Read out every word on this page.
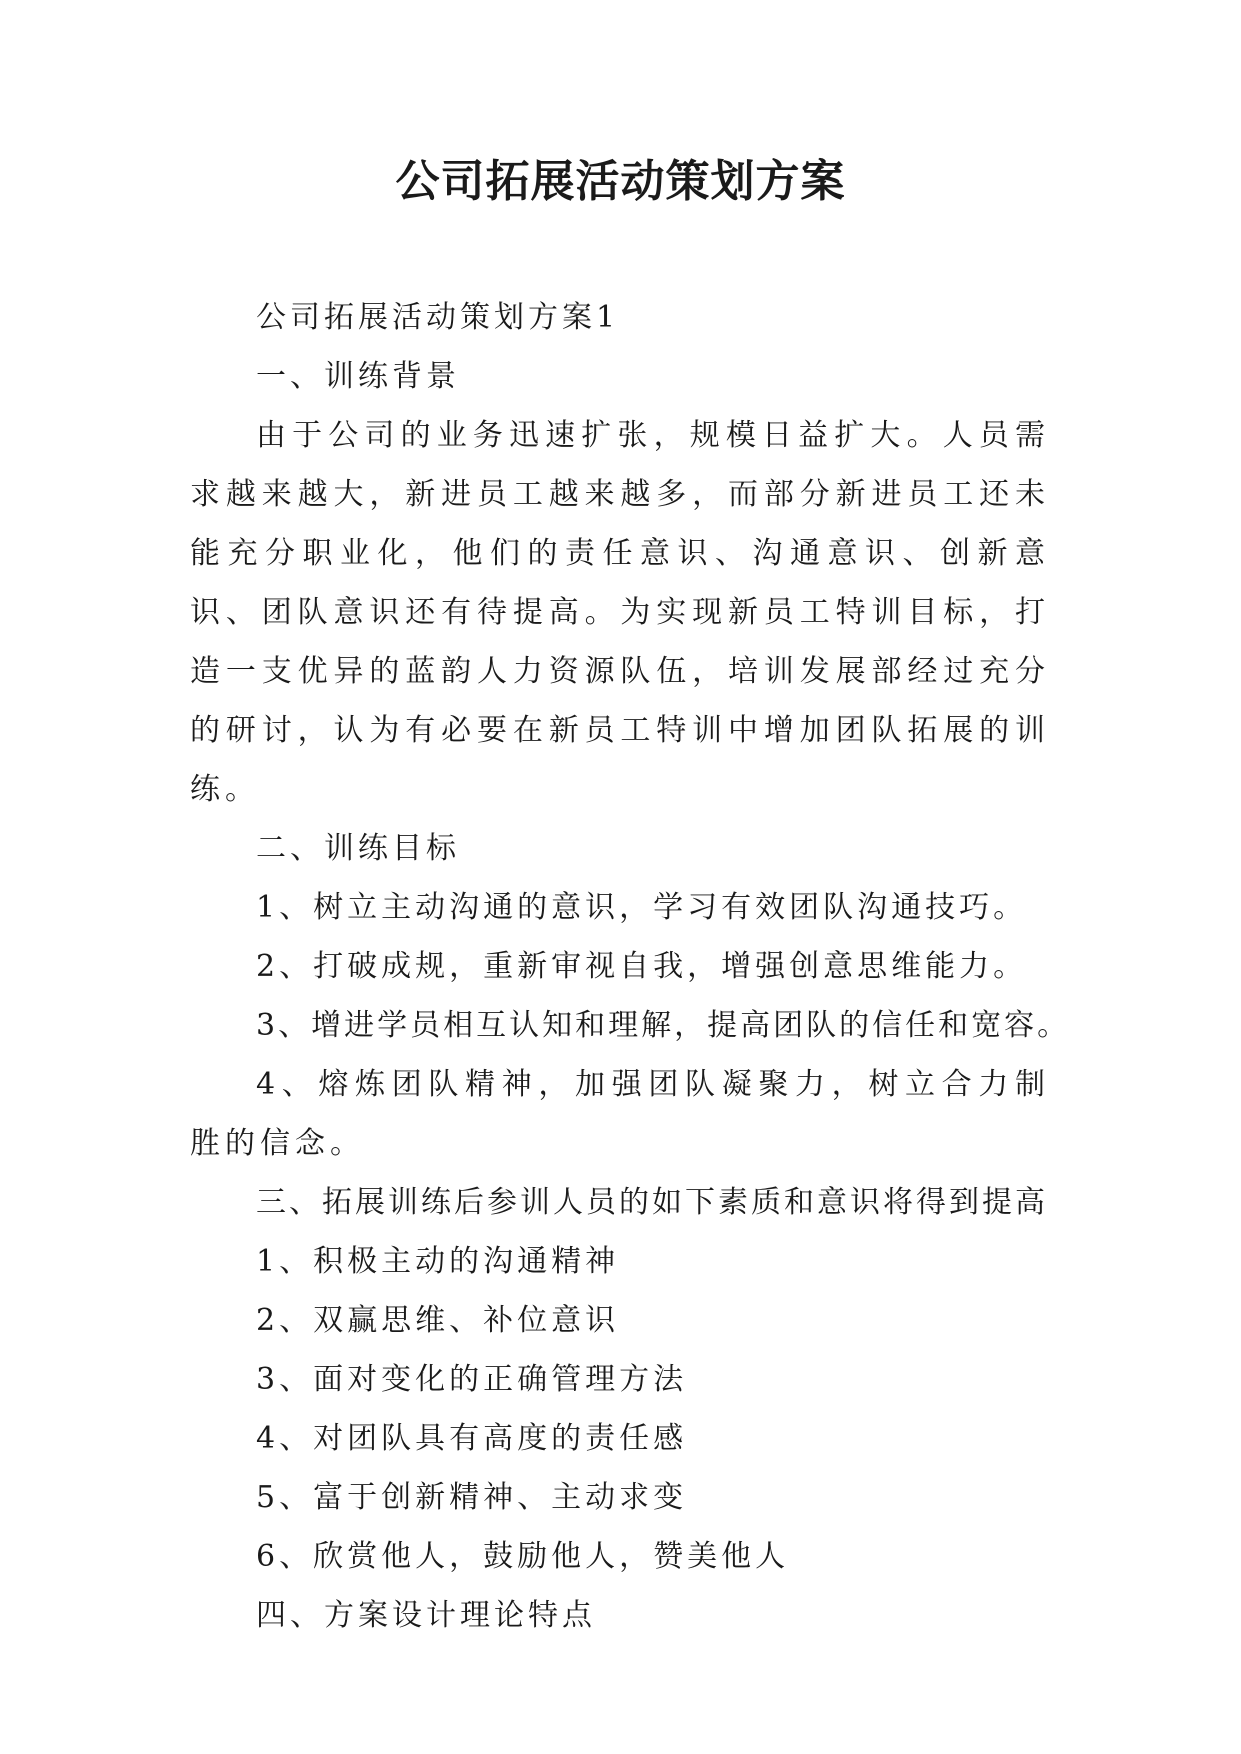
公司拓展活动策划方案

公司拓展活动策划方案1

一、训练背景

由于公司的业务迅速扩张，规模日益扩大。人员需求越来越大，新进员工越来越多，而部分新进员工还未能充分职业化，他们的责任意识、沟通意识、创新意识、团队意识还有待提高。为实现新员工特训目标，打造一支优异的蓝韵人力资源队伍，培训发展部经过充分的研讨，认为有必要在新员工特训中增加团队拓展的训练。

二、训练目标

1、树立主动沟通的意识，学习有效团队沟通技巧。

2、打破成规，重新审视自我，增强创意思维能力。

3、增进学员相互认知和理解，提高团队的信任和宽容。

4、熔炼团队精神，加强团队凝聚力，树立合力制胜的信念。

三、拓展训练后参训人员的如下素质和意识将得到提高

1、积极主动的沟通精神

2、双赢思维、补位意识

3、面对变化的正确管理方法

4、对团队具有高度的责任感

5、富于创新精神、主动求变

6、欣赏他人，鼓励他人，赞美他人

四、方案设计理论特点
